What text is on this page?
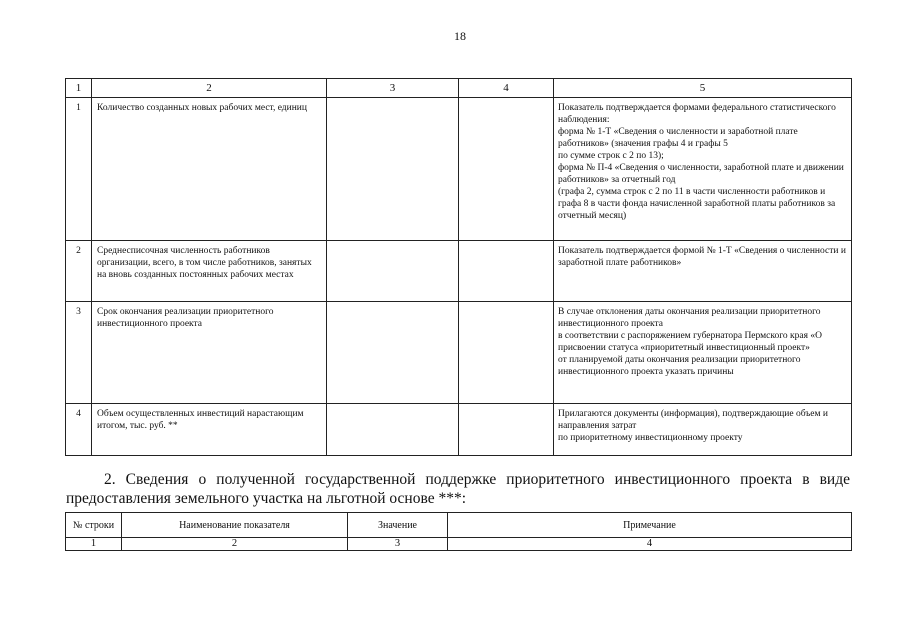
18
1	2	3	4	5
1	Количество созданных новых рабочих мест, единиц			Показатель подтверждается формами федерального статистического наблюдения:
форма № 1-Т «Сведения о численности и заработной плате работников» (значения графы 4 и графы 5
по сумме строк с 2 по 13);
форма № П-4 «Сведения о численности, заработной плате и движении работников» за отчетный год
(графа 2, сумма строк с 2 по 11 в части численности работников и графа 8 в части фонда начисленной заработной платы работников за отчетный месяц)
2	Среднесписочная численность работников организации, всего, в том числе работников, занятых на вновь созданных постоянных рабочих местах			Показатель подтверждается формой № 1-Т «Сведения о численности и заработной плате работников»
3	Срок окончания реализации приоритетного инвестиционного проекта			В случае отклонения даты окончания реализации приоритетного инвестиционного проекта
в соответствии с распоряжением губернатора Пермского края «О присвоении статуса «приоритетный инвестиционный проект»
от планируемой даты окончания реализации приоритетного инвестиционного проекта указать причины
4	Объем осуществленных инвестиций нарастающим итогом, тыс. руб. **			Прилагаются документы (информация), подтверждающие объем и направления затрат
по приоритетному инвестиционному проекту
2. Сведения о полученной государственной поддержке приоритетного инвестиционного проекта в виде предоставления земельного участка на льготной основе ***:
№ строки	Наименование показателя	Значение	Примечание
1	2	3	4
